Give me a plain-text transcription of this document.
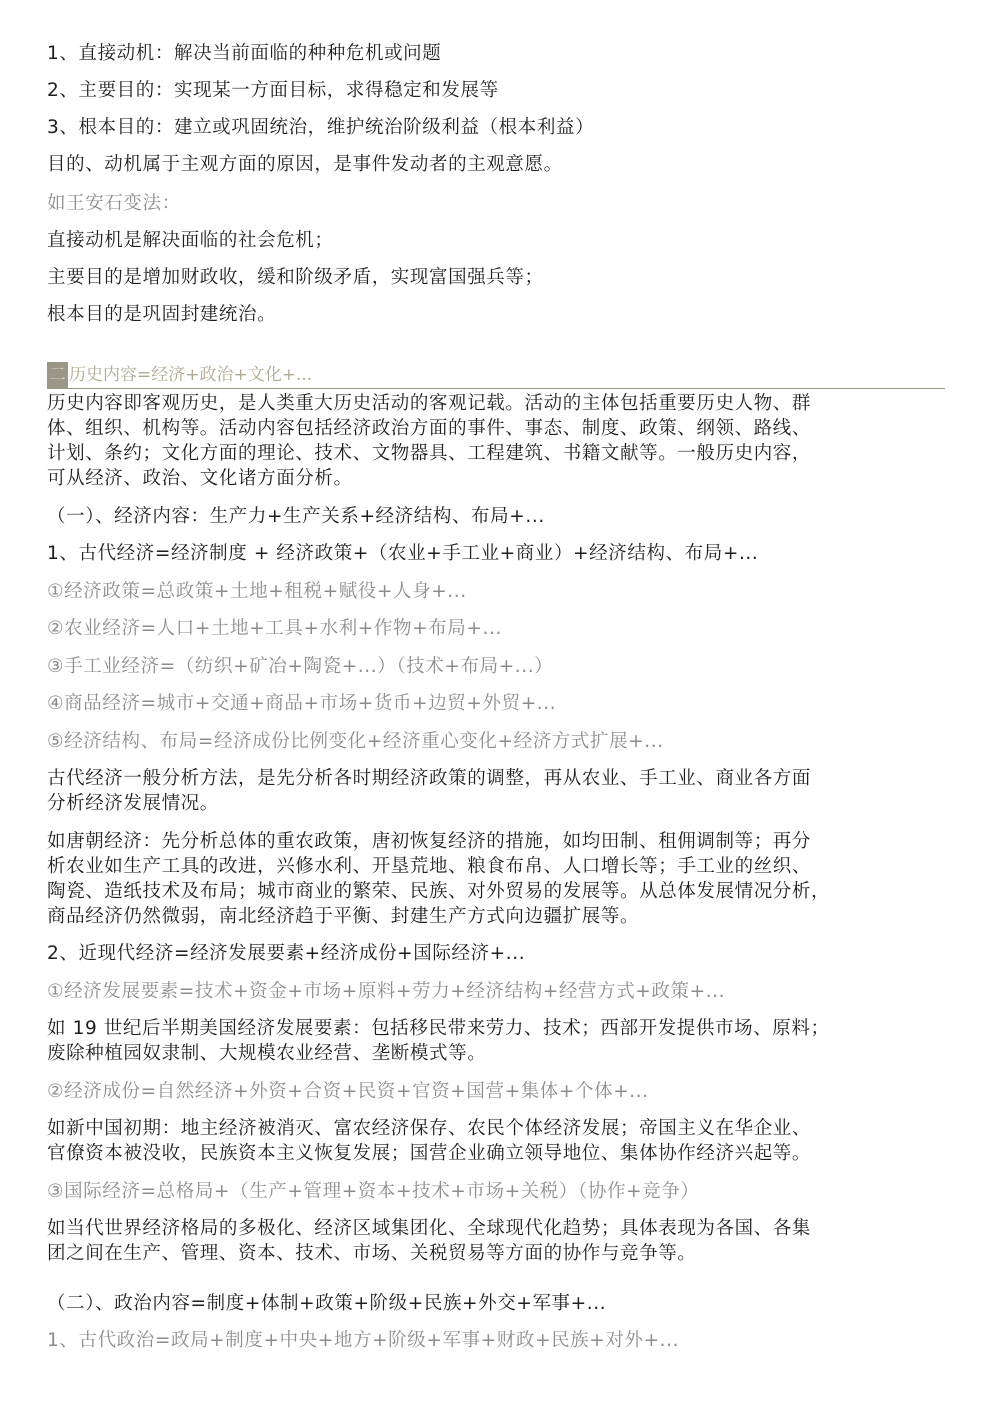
1、直接动机：解决当前面临的种种危机或问题
2、主要目的：实现某一方面目标，求得稳定和发展等
3、根本目的：建立或巩固统治，维护统治阶级利益（根本利益）
目的、动机属于主观方面的原因，是事件发动者的主观意愿。
如王安石变法：
直接动机是解决面临的社会危机；
主要目的是增加财政收，缓和阶级矛盾，实现富国强兵等；
根本目的是巩固封建统治。
二 历史内容=经济+政治+文化+...
历史内容即客观历史，是人类重大历史活动的客观记载。活动的主体包括重要历史人物、群
体、组织、机构等。活动内容包括经济政治方面的事件、事态、制度、政策、纲领、路线、
计划、条约；文化方面的理论、技术、文物器具、工程建筑、书籍文献等。一般历史内容，
可从经济、政治、文化诸方面分析。
（一）、经济内容：生产力+生产关系+经济结构、布局+...
1、古代经济=经济制度 + 经济政策+（农业+手工业+商业）+经济结构、布局+...
①经济政策=总政策+土地+租税+赋役+人身+...
②农业经济=人口+土地+工具+水利+作物+布局+...
③手工业经济=（纺织+矿冶+陶瓷+...）（技术+布局+...）
④商品经济=城市+交通+商品+市场+货币+边贸+外贸+...
⑤经济结构、布局=经济成份比例变化+经济重心变化+经济方式扩展+...
古代经济一般分析方法，是先分析各时期经济政策的调整，再从农业、手工业、商业各方面
分析经济发展情况。
如唐朝经济：先分析总体的重农政策，唐初恢复经济的措施，如均田制、租佣调制等；再分
析农业如生产工具的改进，兴修水利、开垦荒地、粮食布帛、人口增长等；手工业的丝织、
陶瓷、造纸技术及布局；城市商业的繁荣、民族、对外贸易的发展等。从总体发展情况分析，
商品经济仍然微弱，南北经济趋于平衡、封建生产方式向边疆扩展等。
2、近现代经济=经济发展要素+经济成份+国际经济+...
①经济发展要素=技术+资金+市场+原料+劳力+经济结构+经营方式+政策+...
如 19 世纪后半期美国经济发展要素：包括移民带来劳力、技术；西部开发提供市场、原料；
废除种植园奴隶制、大规模农业经营、垄断模式等。
②经济成份=自然经济+外资+合资+民资+官资+国营+集体+个体+...
如新中国初期：地主经济被消灭、富农经济保存、农民个体经济发展；帝国主义在华企业、
官僚资本被没收，民族资本主义恢复发展；国营企业确立领导地位、集体协作经济兴起等。
③国际经济=总格局+（生产+管理+资本+技术+市场+关税）（协作+竞争）
如当代世界经济格局的多极化、经济区域集团化、全球现代化趋势；具体表现为各国、各集
团之间在生产、管理、资本、技术、市场、关税贸易等方面的协作与竞争等。
（二）、政治内容=制度+体制+政策+阶级+民族+外交+军事+...
1、古代政治=政局+制度+中央+地方+阶级+军事+财政+民族+对外+...
